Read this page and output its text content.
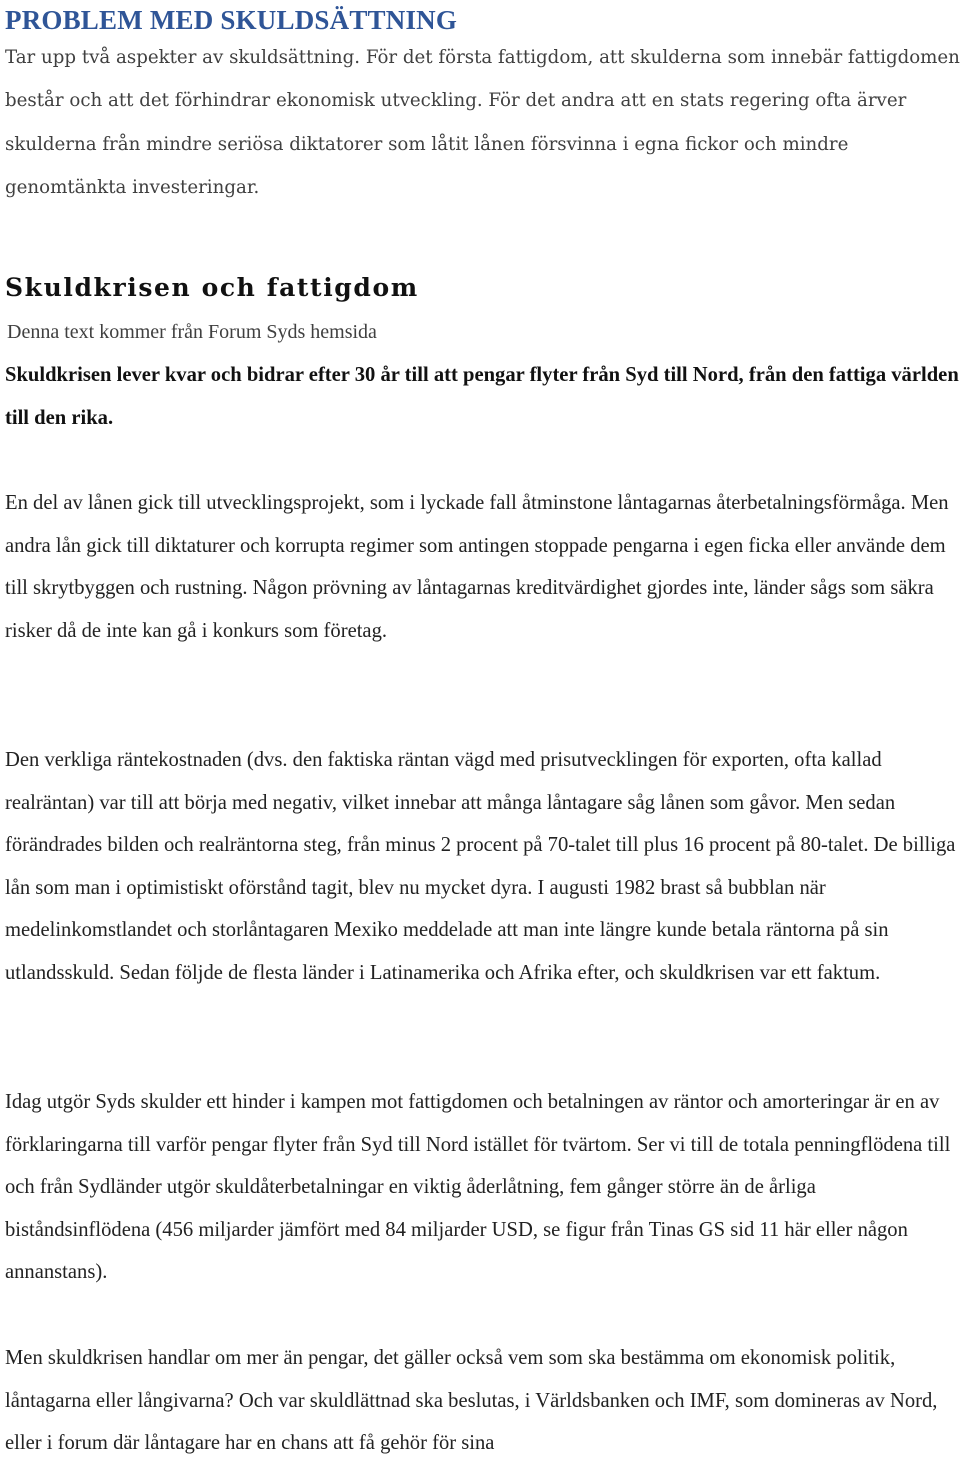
PROBLEM MED SKULDSÄTTNING

Tar upp två aspekter av skuldsättning. För det första fattigdom, att skulderna som innebär fattigdomen består och att det förhindrar ekonomisk utveckling. För det andra att en stats regering ofta ärver skulderna från mindre seriösa diktatorer som låtit lånen försvinna i egna fickor och mindre genomtänkta investeringar.

Skuldkrisen och fattigdom

Denna text kommer från Forum Syds hemsida

Skuldkrisen lever kvar och bidrar efter 30 år till att pengar flyter från Syd till Nord, från den fattiga världen till den rika.

En del av lånen gick till utvecklingsprojekt, som i lyckade fall åtminstone låntagarnas återbetalningsförmåga. Men andra lån gick till diktaturer och korrupta regimer som antingen stoppade pengarna i egen ficka eller använde dem till skrytbyggen och rustning. Någon prövning av låntagarnas kreditvärdighet gjordes inte, länder sågs som säkra risker då de inte kan gå i konkurs som företag.

Den verkliga räntekostnaden (dvs. den faktiska räntan vägd med prisutvecklingen för exporten, ofta kallad realräntan) var till att börja med negativ, vilket innebar att många låntagare såg lånen som gåvor. Men sedan förändrades bilden och realräntorna steg, från minus 2 procent på 70-talet till plus 16 procent på 80-talet. De billiga lån som man i optimistiskt oförstånd tagit, blev nu mycket dyra. I augusti 1982 brast så bubblan när medelinkomstlandet och storlåntagaren Mexiko meddelade att man inte längre kunde betala räntorna på sin utlandsskuld. Sedan följde de flesta länder i Latinamerika och Afrika efter, och skuldkrisen var ett faktum.

Idag utgör Syds skulder ett hinder i kampen mot fattigdomen och betalningen av räntor och amorteringar är en av förklaringarna till varför pengar flyter från Syd till Nord istället för tvärtom. Ser vi till de totala penningflödena till och från Sydländer utgör skuldåterbetalningar en viktig åderlåtning, fem gånger större än de årliga biståndsinflödena (456 miljarder jämfört med 84 miljarder USD, se figur från Tinas GS sid 11 här eller någon annanstans).

Men skuldkrisen handlar om mer än pengar, det gäller också vem som ska bestämma om ekonomisk politik, låntagarna eller långivarna? Och var skuldlättnad ska beslutas, i Världsbanken och IMF, som domineras av Nord, eller i forum där låntagare har en chans att få gehör för sina
